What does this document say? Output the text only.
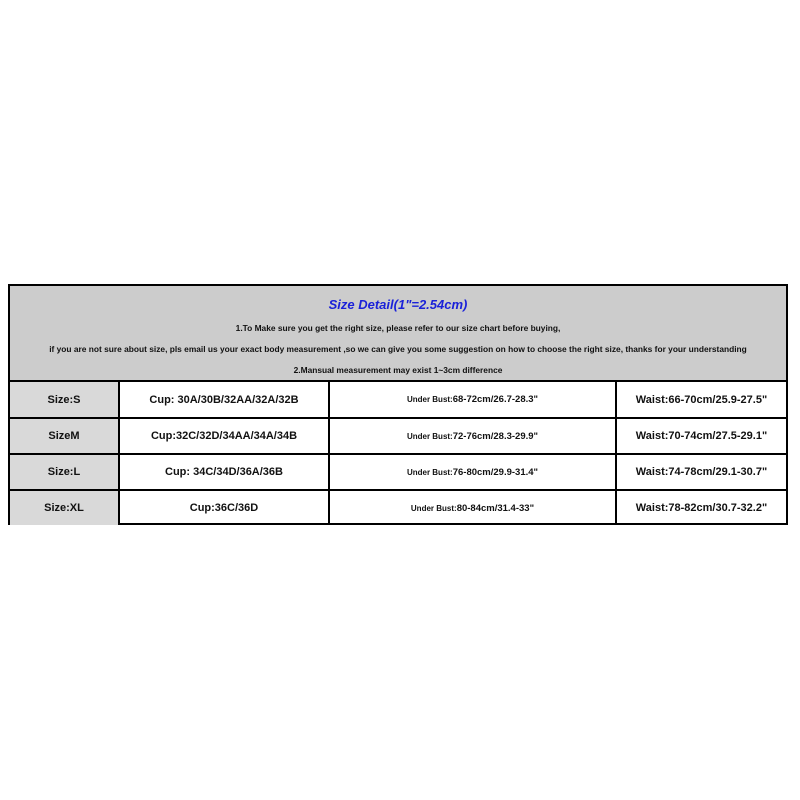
Size Detail(1"=2.54cm)
1.To Make sure you get the right size, please refer to our size chart before buying,
if you are not sure about size, pls email us your exact body measurement ,so we can give you some suggestion on how to choose the right size, thanks for your understanding
2.Mansual measurement may exist 1~3cm difference
Size:S	Cup: 30A/30B/32AA/32A/32B	Under Bust:68-72cm/26.7-28.3"	Waist:66-70cm/25.9-27.5"
SizeM	Cup:32C/32D/34AA/34A/34B	Under Bust:72-76cm/28.3-29.9"	Waist:70-74cm/27.5-29.1"
Size:L	Cup: 34C/34D/36A/36B	Under Bust:76-80cm/29.9-31.4"	Waist:74-78cm/29.1-30.7"
Size:XL	Cup:36C/36D	Under Bust:80-84cm/31.4-33"	Waist:78-82cm/30.7-32.2"
